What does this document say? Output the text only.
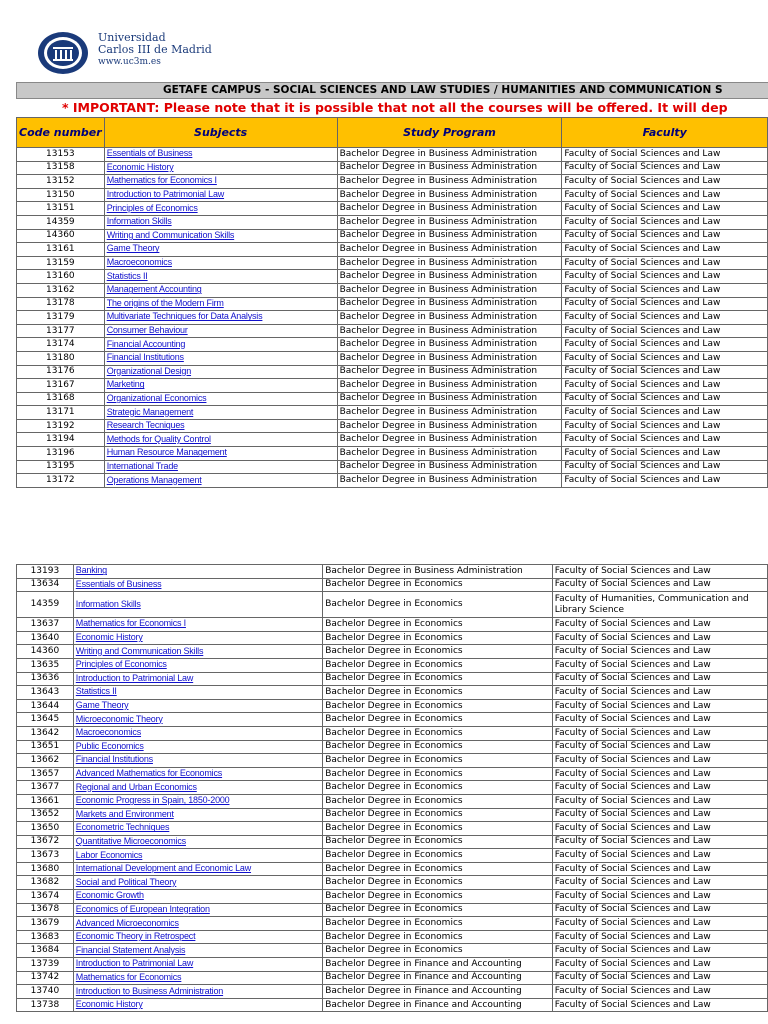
Universidad
Carlos III de Madrid
www.uc3m.es
GETAFE CAMPUS - SOCIAL SCIENCES AND LAW STUDIES / HUMANITIES AND COMMUNICATION S
* IMPORTANT: Please note that it is possible that not all the courses will be offered. It will dep
Code number	Subjects	Study Program	Faculty
13153	Essentials of Business	Bachelor Degree in Business Administration	Faculty of Social Sciences and Law
13158	Economic History	Bachelor Degree in Business Administration	Faculty of Social Sciences and Law
13152	Mathematics for Economics I	Bachelor Degree in Business Administration	Faculty of Social Sciences and Law
13150	Introduction to Patrimonial Law	Bachelor Degree in Business Administration	Faculty of Social Sciences and Law
13151	Principles of Economics	Bachelor Degree in Business Administration	Faculty of Social Sciences and Law
14359	Information Skills	Bachelor Degree in Business Administration	Faculty of Social Sciences and Law
14360	Writing and Communication Skills	Bachelor Degree in Business Administration	Faculty of Social Sciences and Law
13161	Game Theory	Bachelor Degree in Business Administration	Faculty of Social Sciences and Law
13159	Macroeconomics	Bachelor Degree in Business Administration	Faculty of Social Sciences and Law
13160	Statistics II	Bachelor Degree in Business Administration	Faculty of Social Sciences and Law
13162	Management Accounting	Bachelor Degree in Business Administration	Faculty of Social Sciences and Law
13178	The origins of the Modern Firm	Bachelor Degree in Business Administration	Faculty of Social Sciences and Law
13179	Multivariate Techniques for Data Analysis	Bachelor Degree in Business Administration	Faculty of Social Sciences and Law
13177	Consumer Behaviour	Bachelor Degree in Business Administration	Faculty of Social Sciences and Law
13174	Financial Accounting	Bachelor Degree in Business Administration	Faculty of Social Sciences and Law
13180	Financial Institutions	Bachelor Degree in Business Administration	Faculty of Social Sciences and Law
13176	Organizational Design	Bachelor Degree in Business Administration	Faculty of Social Sciences and Law
13167	Marketing	Bachelor Degree in Business Administration	Faculty of Social Sciences and Law
13168	Organizational Economics	Bachelor Degree in Business Administration	Faculty of Social Sciences and Law
13171	Strategic Management	Bachelor Degree in Business Administration	Faculty of Social Sciences and Law
13192	Research Tecniques	Bachelor Degree in Business Administration	Faculty of Social Sciences and Law
13194	Methods for Quality Control	Bachelor Degree in Business Administration	Faculty of Social Sciences and Law
13196	Human Resource Management	Bachelor Degree in Business Administration	Faculty of Social Sciences and Law
13195	International Trade	Bachelor Degree in Business Administration	Faculty of Social Sciences and Law
13172	Operations Management	Bachelor Degree in Business Administration	Faculty of Social Sciences and Law
13193	Banking	Bachelor Degree in Business Administration	Faculty of Social Sciences and Law
13634	Essentials of Business	Bachelor Degree in Economics	Faculty of Social Sciences and Law
14359	Information Skills	Bachelor Degree in Economics	Faculty of Humanities, Communication and Library Science
13637	Mathematics for Economics I	Bachelor Degree in Economics	Faculty of Social Sciences and Law
13640	Economic History	Bachelor Degree in Economics	Faculty of Social Sciences and Law
14360	Writing and Communication Skills	Bachelor Degree in Economics	Faculty of Social Sciences and Law
13635	Principles of Economics	Bachelor Degree in Economics	Faculty of Social Sciences and Law
13636	Introduction to Patrimonial Law	Bachelor Degree in Economics	Faculty of Social Sciences and Law
13643	Statistics II	Bachelor Degree in Economics	Faculty of Social Sciences and Law
13644	Game Theory	Bachelor Degree in Economics	Faculty of Social Sciences and Law
13645	Microeconomic Theory	Bachelor Degree in Economics	Faculty of Social Sciences and Law
13642	Macroeconomics	Bachelor Degree in Economics	Faculty of Social Sciences and Law
13651	Public Economics	Bachelor Degree in Economics	Faculty of Social Sciences and Law
13662	Financial Institutions	Bachelor Degree in Economics	Faculty of Social Sciences and Law
13657	Advanced Mathematics for Economics	Bachelor Degree in Economics	Faculty of Social Sciences and Law
13677	Regional and Urban Economics	Bachelor Degree in Economics	Faculty of Social Sciences and Law
13661	Economic Progress in Spain, 1850-2000	Bachelor Degree in Economics	Faculty of Social Sciences and Law
13652	Markets and Environment	Bachelor Degree in Economics	Faculty of Social Sciences and Law
13650	Econometric Techniques	Bachelor Degree in Economics	Faculty of Social Sciences and Law
13672	Quantitative Microeconomics	Bachelor Degree in Economics	Faculty of Social Sciences and Law
13673	Labor Economics	Bachelor Degree in Economics	Faculty of Social Sciences and Law
13680	International Development and Economic Law	Bachelor Degree in Economics	Faculty of Social Sciences and Law
13682	Social and Political Theory	Bachelor Degree in Economics	Faculty of Social Sciences and Law
13674	Economic Growth	Bachelor Degree in Economics	Faculty of Social Sciences and Law
13678	Economics of European Integration	Bachelor Degree in Economics	Faculty of Social Sciences and Law
13679	Advanced Microeconomics	Bachelor Degree in Economics	Faculty of Social Sciences and Law
13683	Economic Theory in Retrospect	Bachelor Degree in Economics	Faculty of Social Sciences and Law
13684	Financial Statement Analysis	Bachelor Degree in Economics	Faculty of Social Sciences and Law
13739	Introduction to Patrimonial Law	Bachelor Degree in Finance and Accounting	Faculty of Social Sciences and Law
13742	Mathematics for Economics	Bachelor Degree in Finance and Accounting	Faculty of Social Sciences and Law
13740	Introduction to Business Administration	Bachelor Degree in Finance and Accounting	Faculty of Social Sciences and Law
13738	Economic History	Bachelor Degree in Finance and Accounting	Faculty of Social Sciences and Law
